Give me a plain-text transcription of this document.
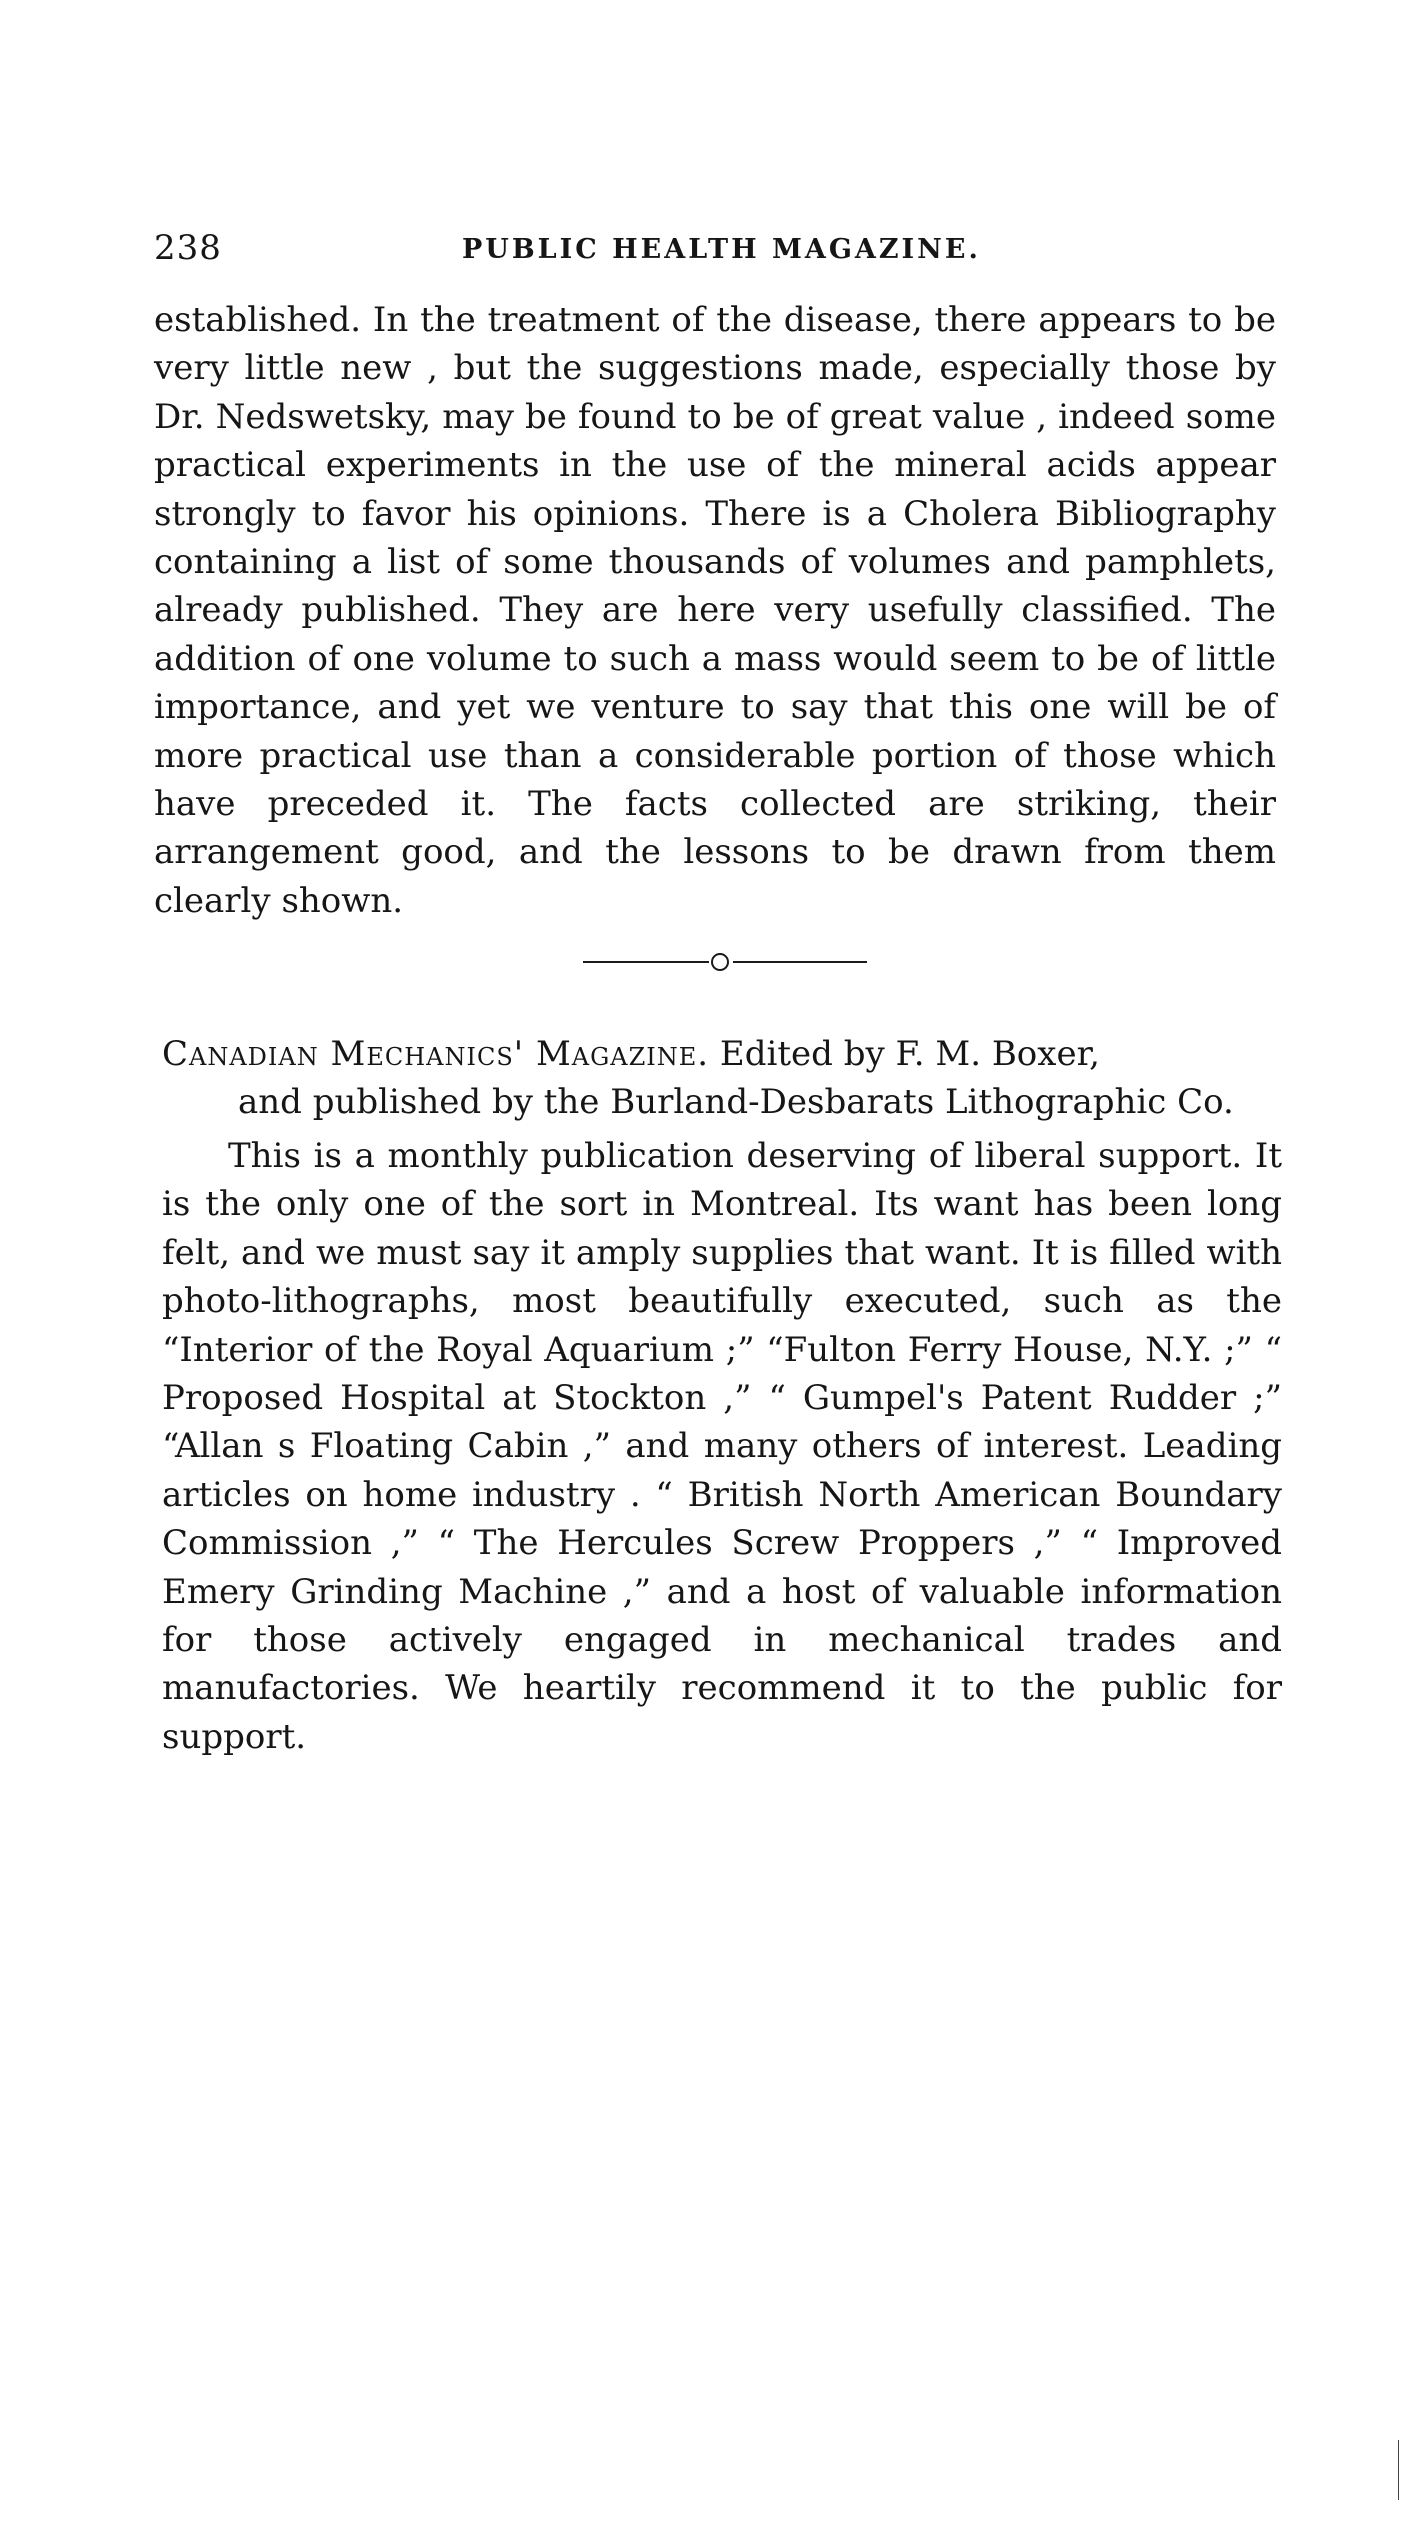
238	PUBLIC HEALTH MAGAZINE.

established. In the treatment of the disease, there appears to be very little new , but the suggestions made, especially those by Dr. Nedswetsky, may be found to be of great value , indeed some practical experiments in the use of the mineral acids appear strongly to favor his opinions. There is a Cholera Bibliography containing a list of some thousands of volumes and pamphlets, already published. They are here very usefully classified. The addition of one volume to such a mass would seem to be of little importance, and yet we venture to say that this one will be of more practical use than a considerable portion of those which have preceded it. The facts collected are striking, their arrangement good, and the lessons to be drawn from them clearly shown.

Canadian Mechanics' Magazine. Edited by F. M. Boxer,
and published by the Burland-Desbarats Lithographic Co.

This is a monthly publication deserving of liberal support. It is the only one of the sort in Montreal. Its want has been long felt, and we must say it amply supplies that want. It is filled with photo-lithographs, most beautifully executed, such as the “Interior of the Royal Aquarium ;” “Fulton Ferry House, N.Y. ;” “ Proposed Hospital at Stockton ,” “ Gumpel's Patent Rudder ;” “Allan s Floating Cabin ,” and many others of interest. Leading articles on home industry . “ British North American Boundary Commission ,” “ The Hercules Screw Proppers ,” “ Improved Emery Grinding Machine ,” and a host of valuable information for those actively engaged in mechanical trades and manufactories. We heartily recommend it to the public for support.
